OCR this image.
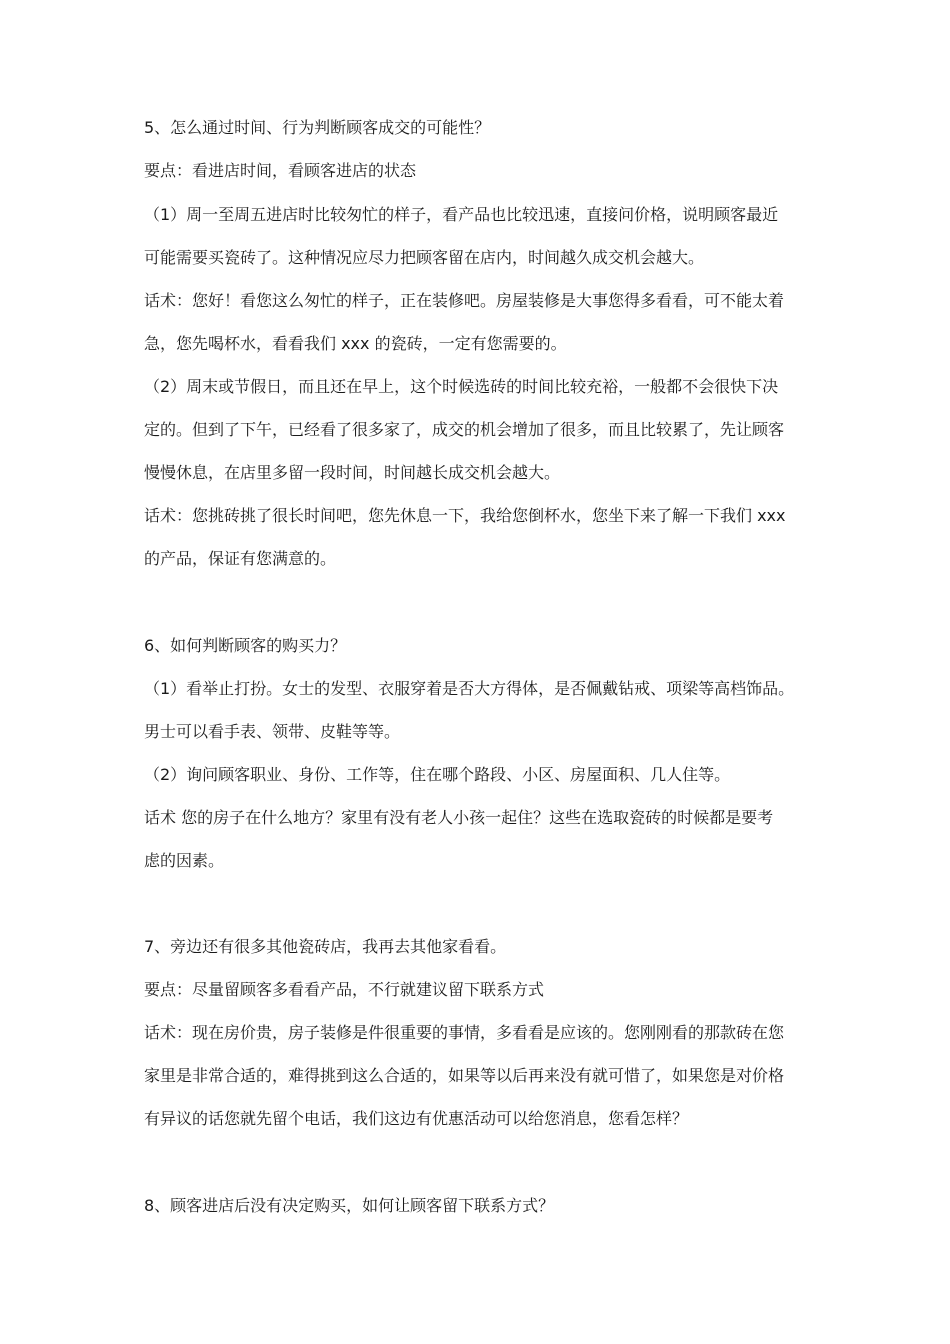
5、怎么通过时间、行为判断顾客成交的可能性？
要点：看进店时间，看顾客进店的状态
（1）周一至周五进店时比较匆忙的样子，看产品也比较迅速，直接问价格，说明顾客最近
可能需要买瓷砖了。这种情况应尽力把顾客留在店内，时间越久成交机会越大。
话术：您好！看您这么匆忙的样子，正在装修吧。房屋装修是大事您得多看看，可不能太着
急，您先喝杯水，看看我们 xxx 的瓷砖，一定有您需要的。
（2）周末或节假日，而且还在早上，这个时候选砖的时间比较充裕，一般都不会很快下决
定的。但到了下午，已经看了很多家了，成交的机会增加了很多，而且比较累了，先让顾客
慢慢休息，在店里多留一段时间，时间越长成交机会越大。
话术：您挑砖挑了很长时间吧，您先休息一下，我给您倒杯水，您坐下来了解一下我们 xxx
的产品，保证有您满意的。
6、如何判断顾客的购买力？
（1）看举止打扮。女士的发型、衣服穿着是否大方得体，是否佩戴钻戒、项梁等高档饰品。
男士可以看手表、领带、皮鞋等等。
（2）询问顾客职业、身份、工作等，住在哪个路段、小区、房屋面积、几人住等。
话术 您的房子在什么地方？家里有没有老人小孩一起住？这些在选取瓷砖的时候都是要考
虑的因素。
7、旁边还有很多其他瓷砖店，我再去其他家看看。
要点：尽量留顾客多看看产品，不行就建议留下联系方式
话术：现在房价贵，房子装修是件很重要的事情，多看看是应该的。您刚刚看的那款砖在您
家里是非常合适的，难得挑到这么合适的，如果等以后再来没有就可惜了，如果您是对价格
有异议的话您就先留个电话，我们这边有优惠活动可以给您消息，您看怎样？
8、顾客进店后没有决定购买，如何让顾客留下联系方式？
